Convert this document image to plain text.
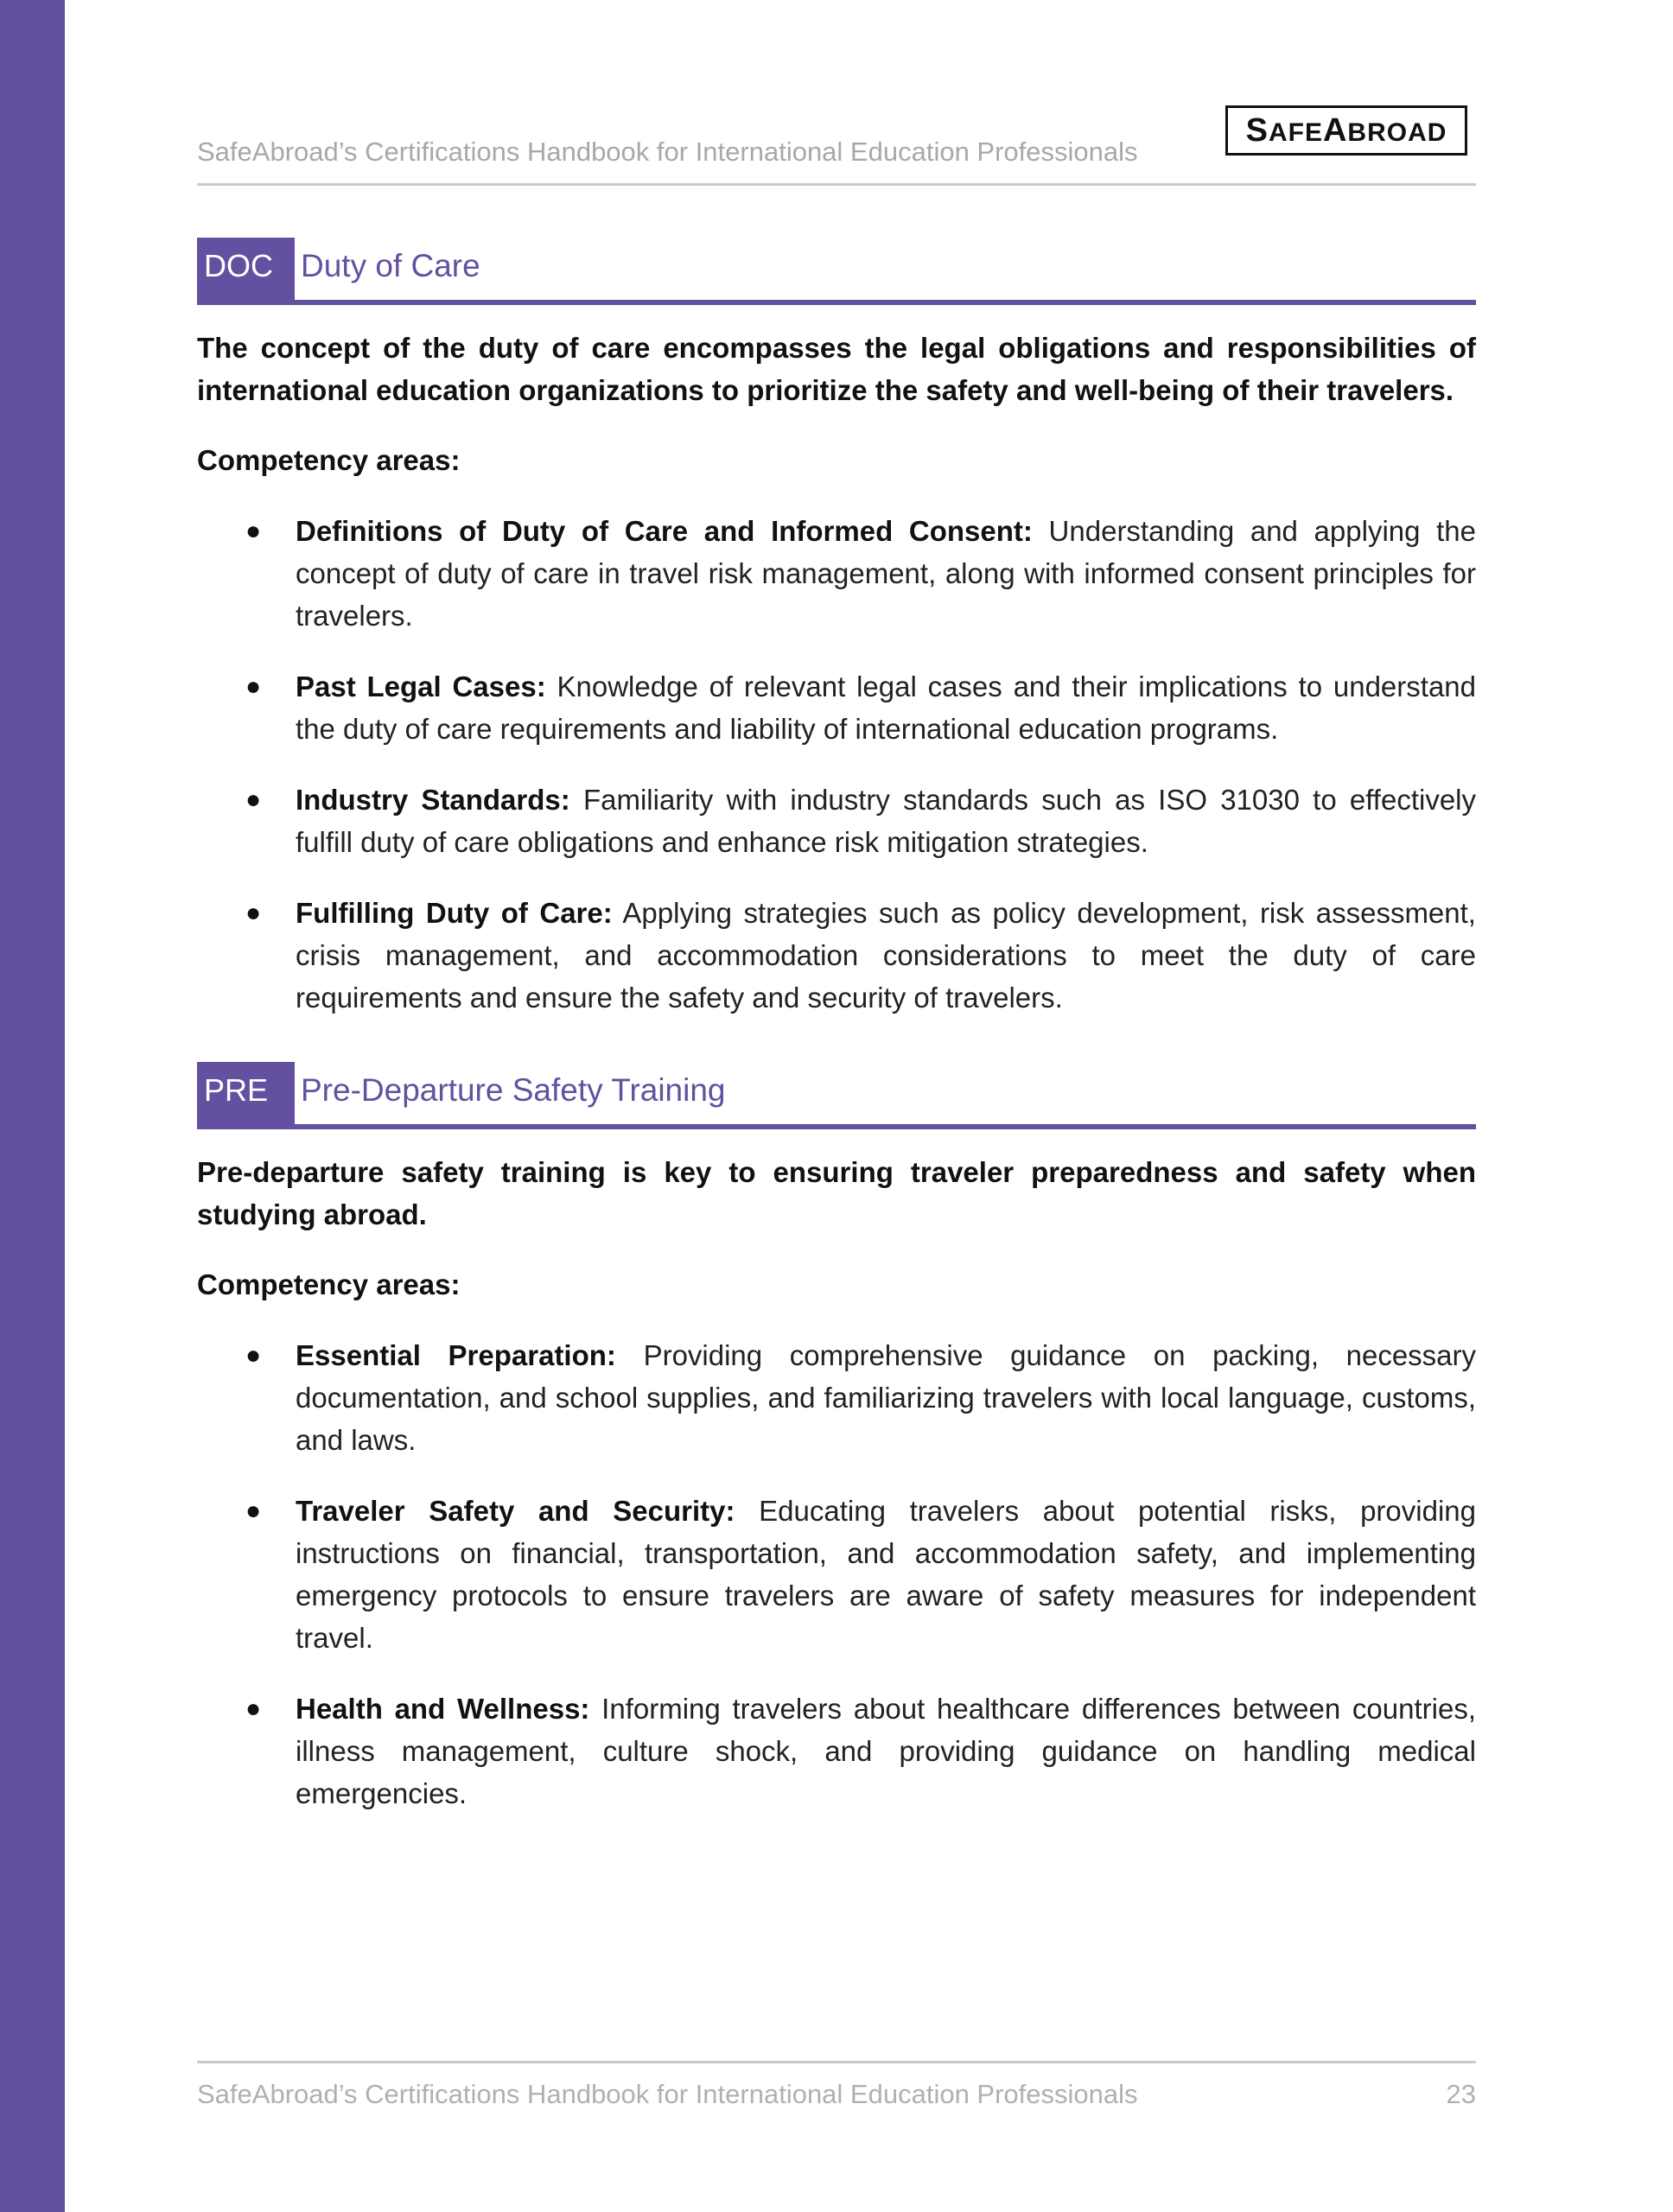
SafeAbroad’s Certifications Handbook for International Education Professionals
SAFEABROAD
DOC Duty of Care
The concept of the duty of care encompasses the legal obligations and responsibilities of international education organizations to prioritize the safety and well-being of their travelers.
Competency areas:
● Definitions of Duty of Care and Informed Consent: Understanding and applying the concept of duty of care in travel risk management, along with informed consent principles for travelers.
● Past Legal Cases: Knowledge of relevant legal cases and their implications to understand the duty of care requirements and liability of international education programs.
● Industry Standards: Familiarity with industry standards such as ISO 31030 to effectively fulfill duty of care obligations and enhance risk mitigation strategies.
● Fulfilling Duty of Care: Applying strategies such as policy development, risk assessment, crisis management, and accommodation considerations to meet the duty of care requirements and ensure the safety and security of travelers.
PRE	Pre-Departure Safety Training
Pre-departure safety training is key to ensuring traveler preparedness and safety when studying abroad.
Competency areas:
● Essential Preparation: Providing comprehensive guidance on packing, necessary documentation, and school supplies, and familiarizing travelers with local language, customs, and laws.
● Traveler Safety and Security: Educating travelers about potential risks, providing instructions on financial, transportation, and accommodation safety, and implementing emergency protocols to ensure travelers are aware of safety measures for independent travel.
● Health and Wellness: Informing travelers about healthcare differences between countries, illness management, culture shock, and providing guidance on handling medical emergencies.
SafeAbroad’s Certifications Handbook for International Education Professionals	23
